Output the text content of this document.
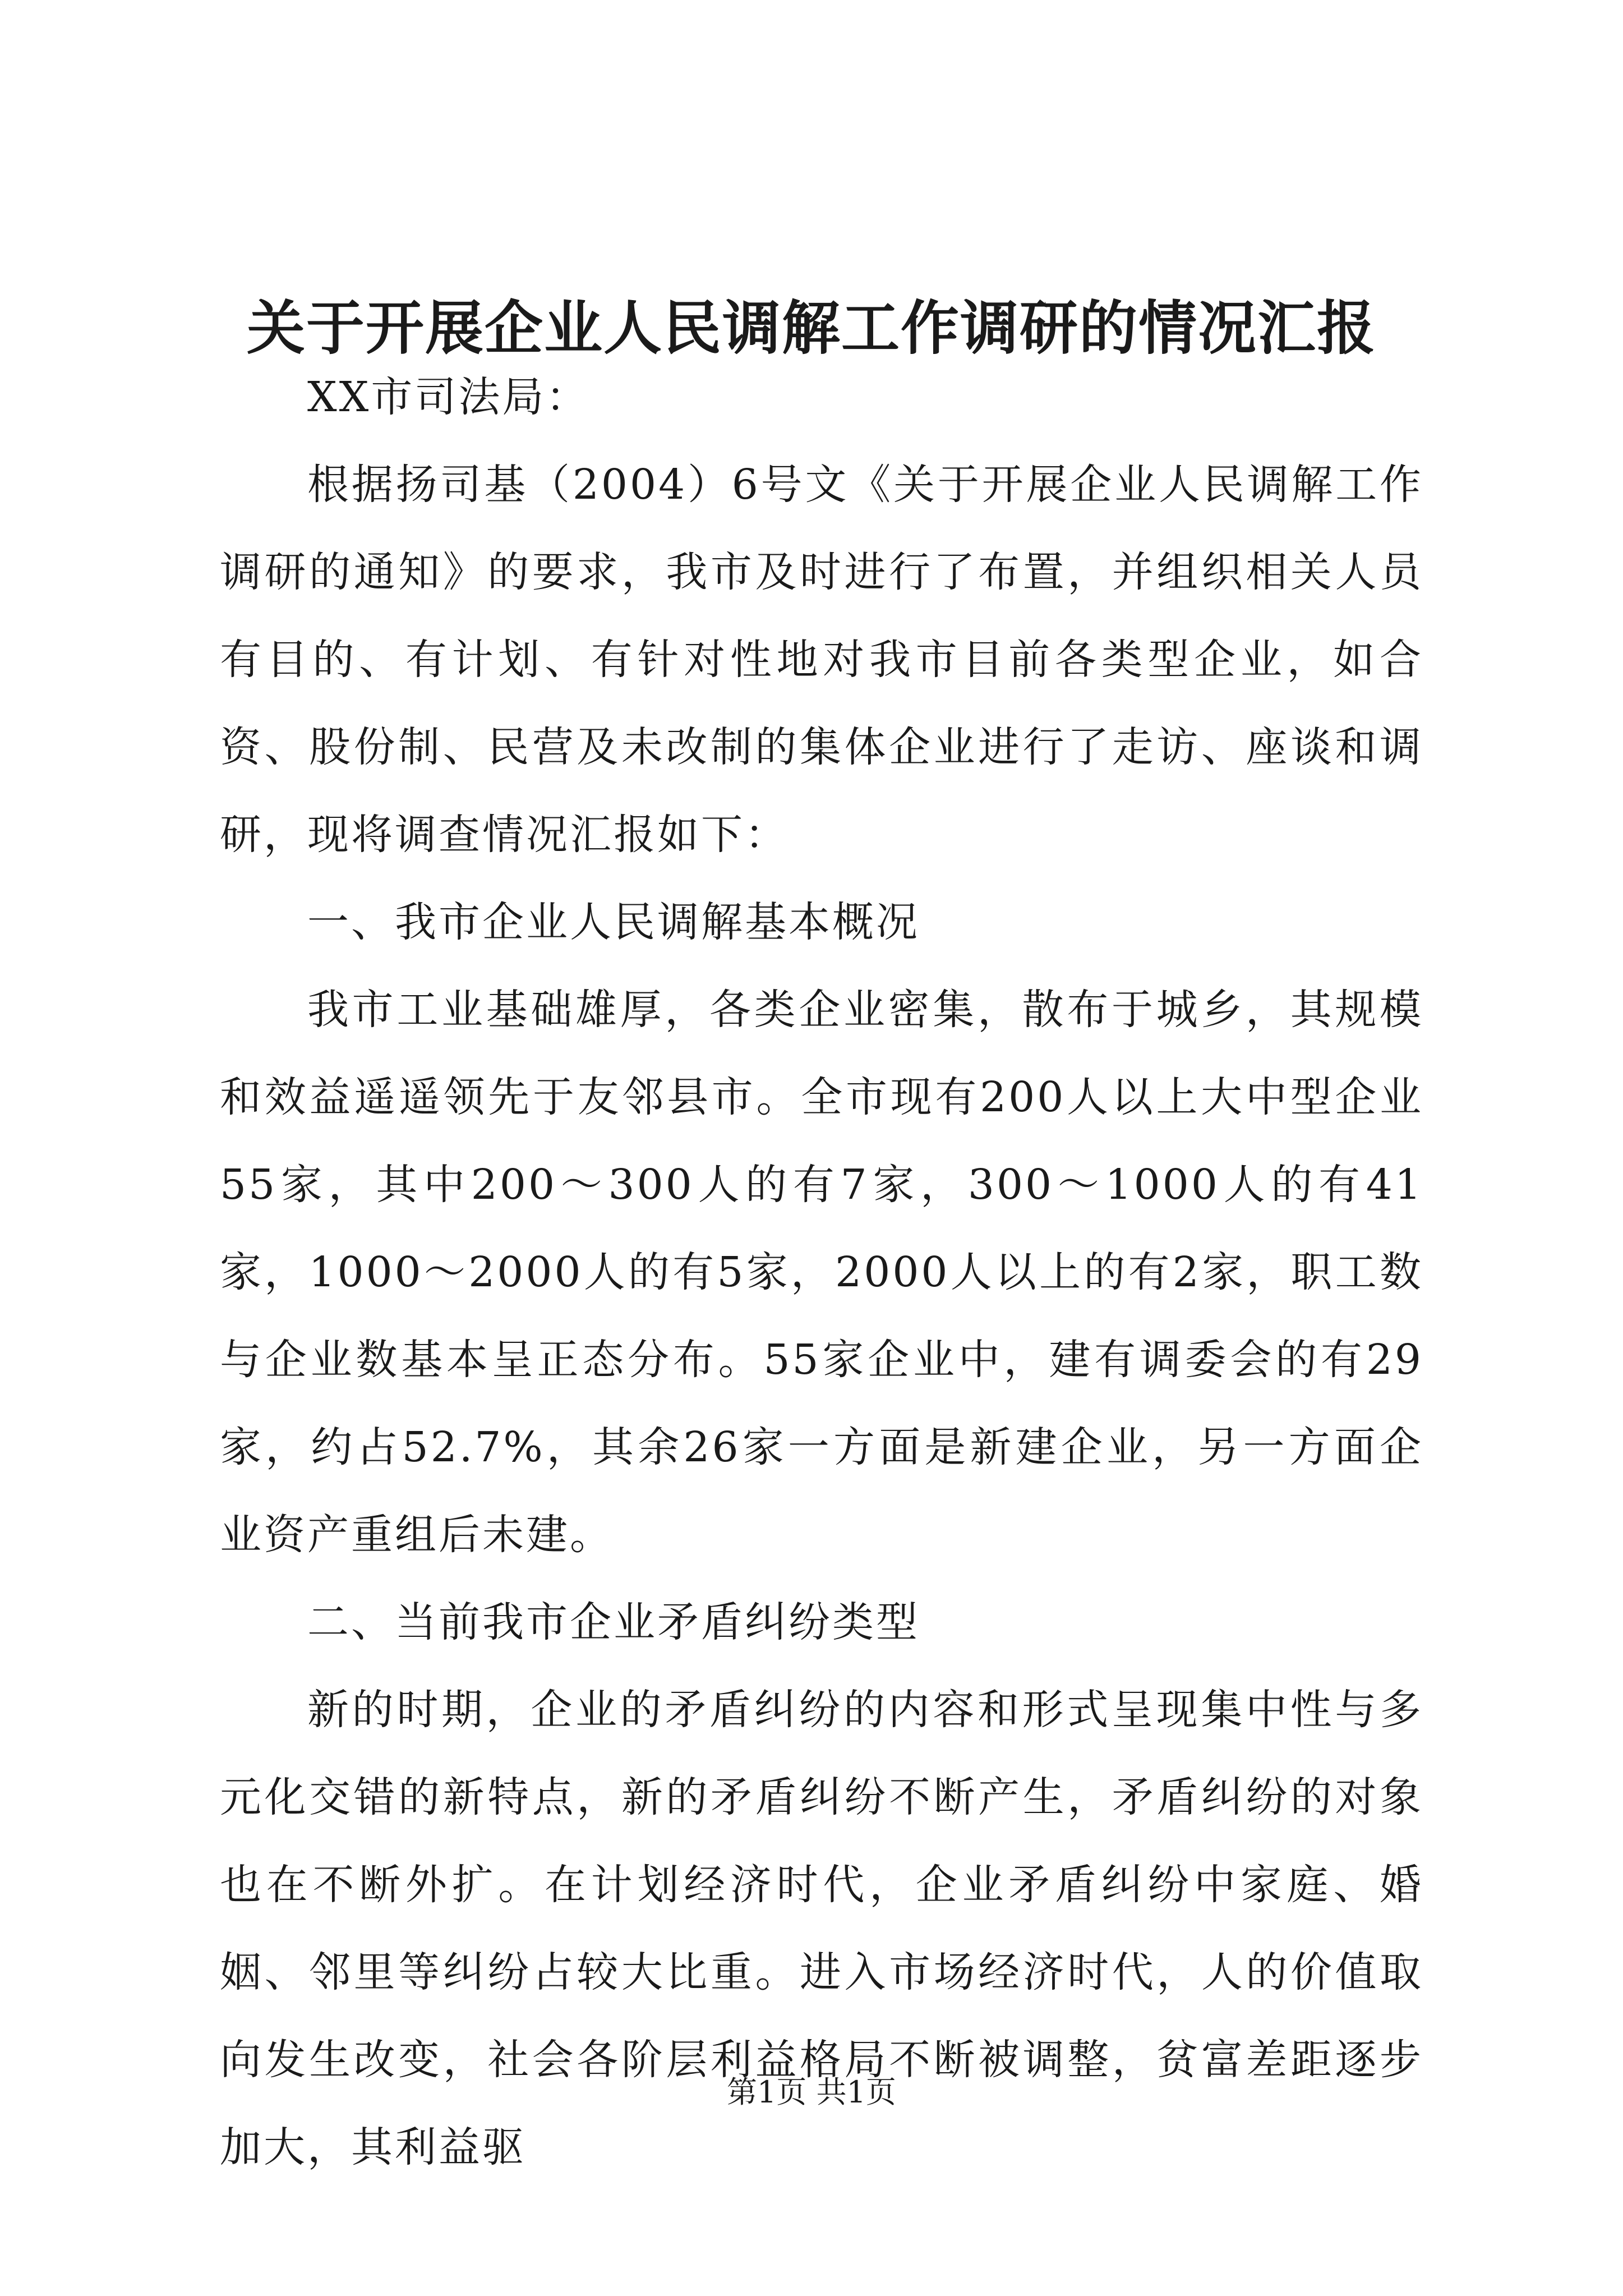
关于开展企业人民调解工作调研的情况汇报

XX市司法局：

根据扬司基（2004）6号文《关于开展企业人民调解工作调研的通知》的要求，我市及时进行了布置，并组织相关人员有目的、有计划、有针对性地对我市目前各类型企业，如合资、股份制、民营及未改制的集体企业进行了走访、座谈和调研，现将调查情况汇报如下：

一、我市企业人民调解基本概况

我市工业基础雄厚，各类企业密集，散布于城乡，其规模和效益遥遥领先于友邻县市。全市现有200人以上大中型企业55家，其中200～300人的有7家，300～1000人的有41家，1000～2000人的有5家，2000人以上的有2家，职工数与企业数基本呈正态分布。55家企业中，建有调委会的有29家，约占52.7%，其余26家一方面是新建企业，另一方面企业资产重组后未建。

二、当前我市企业矛盾纠纷类型

新的时期，企业的矛盾纠纷的内容和形式呈现集中性与多元化交错的新特点，新的矛盾纠纷不断产生，矛盾纠纷的对象也在不断外扩。在计划经济时代，企业矛盾纠纷中家庭、婚姻、邻里等纠纷占较大比重。进入市场经济时代，人的价值取向发生改变，社会各阶层利益格局不断被调整，贫富差距逐步加大，其利益驱

第1页 共1页
